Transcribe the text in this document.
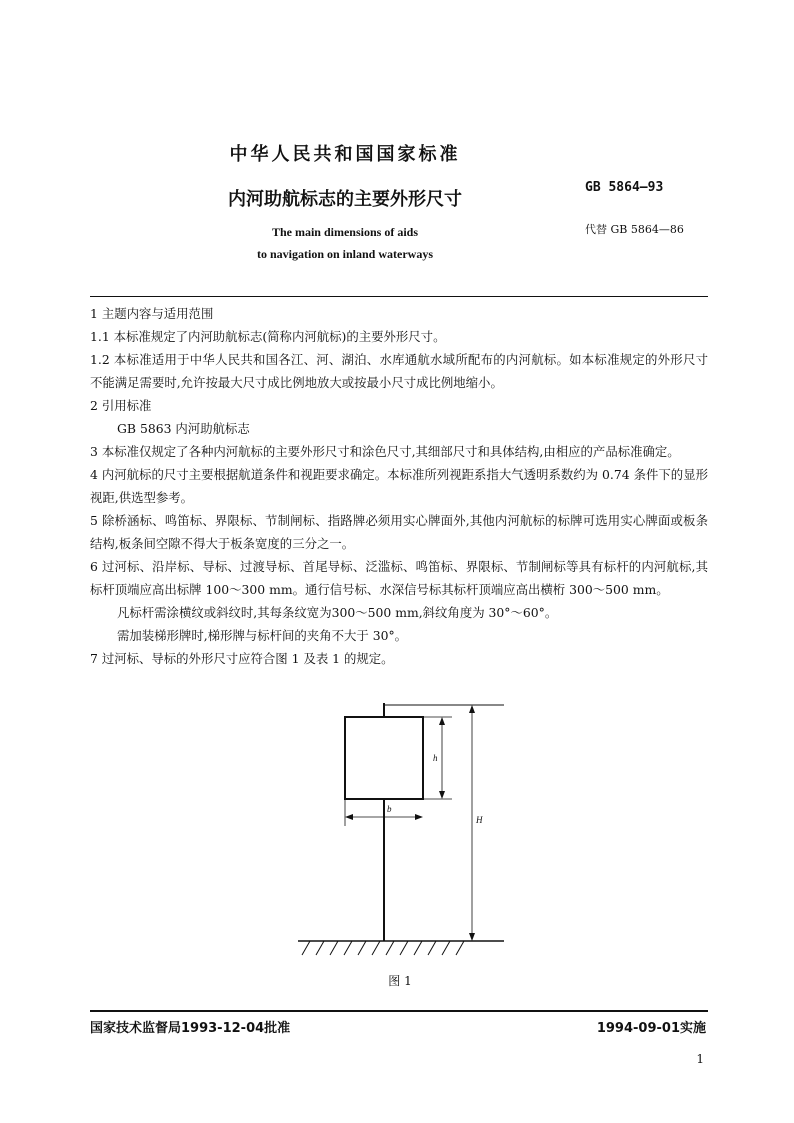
中华人民共和国国家标准
内河助航标志的主要外形尺寸
GB 5864—93
代替 GB 5864—86
The main dimensions of aids
to navigation on inland waterways

1 主题内容与适用范围

1.1 本标准规定了内河助航标志(简称内河航标)的主要外形尺寸。

1.2 本标准适用于中华人民共和国各江、河、湖泊、水库通航水域所配布的内河航标。如本标准规定的外形尺寸不能满足需要时,允许按最大尺寸成比例地放大或按最小尺寸成比例地缩小。

2 引用标准

GB 5863 内河助航标志

3 本标准仅规定了各种内河航标的主要外形尺寸和涂色尺寸,其细部尺寸和具体结构,由相应的产品标准确定。

4 内河航标的尺寸主要根据航道条件和视距要求确定。本标准所列视距系指大气透明系数约为 0.74 条件下的显形视距,供选型参考。

5 除桥涵标、鸣笛标、界限标、节制闸标、指路牌必须用实心牌面外,其他内河航标的标牌可选用实心牌面或板条结构,板条间空隙不得大于板条宽度的三分之一。

6 过河标、沿岸标、导标、过渡导标、首尾导标、泛滥标、鸣笛标、界限标、节制闸标等具有标杆的内河航标,其标杆顶端应高出标牌 100～300 mm。通行信号标、水深信号标其标杆顶端应高出横桁 300～500 mm。

凡标杆需涂横纹或斜纹时,其每条纹宽为300～500 mm,斜纹角度为 30°～60°。

需加装梯形牌时,梯形牌与标杆间的夹角不大于 30°。

7 过河标、导标的外形尺寸应符合图 1 及表 1 的规定。

h
b
H
图 1
国家技术监督局1993-12-04批准	1994-09-01实施
1
